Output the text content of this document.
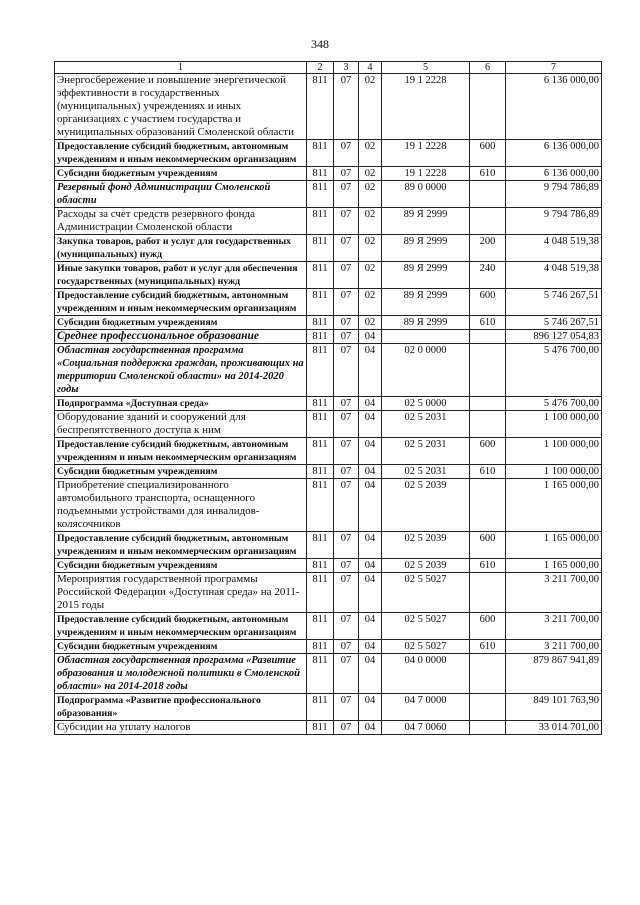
348
1	2	3	4	5	6	7
Энергосбережение и повышение энергетической эффективности в государственных (муниципальных) учреждениях и иных организациях с участием государства и муниципальных образований Смоленской области	811	07	02	19 1 2228		6 136 000,00
Предоставление субсидий бюджетным, автономным учреждениям и иным некоммерческим организациям	811	07	02	19 1 2228	600	6 136 000,00
Субсидии бюджетным учреждениям	811	07	02	19 1 2228	610	6 136 000,00
Резервный фонд Администрации Смоленской области	811	07	02	89 0 0000		9 794 786,89
Расходы за счет средств резервного фонда Администрации Смоленской области	811	07	02	89 Я 2999		9 794 786,89
Закупка товаров, работ и услуг для государственных (муниципальных) нужд	811	07	02	89 Я 2999	200	4 048 519,38
Иные закупки товаров, работ и услуг для обеспечения государственных (муниципальных) нужд	811	07	02	89 Я 2999	240	4 048 519,38
Предоставление субсидий бюджетным, автономным учреждениям и иным некоммерческим организациям	811	07	02	89 Я 2999	600	5 746 267,51
Субсидии бюджетным учреждениям	811	07	02	89 Я 2999	610	5 746 267,51
Среднее профессиональное образование	811	07	04			896 127 054,83
Областная государственная программа «Социальная поддержка граждан, проживающих на территории Смоленской области» на 2014-2020 годы	811	07	04	02 0 0000		5 476 700,00
Подпрограмма «Доступная среда»	811	07	04	02 5 0000		5 476 700,00
Оборудование зданий и сооружений для беспрепятственного доступа к ним	811	07	04	02 5 2031		1 100 000,00
Предоставление субсидий бюджетным, автономным учреждениям и иным некоммерческим организациям	811	07	04	02 5 2031	600	1 100 000,00
Субсидии бюджетным учреждениям	811	07	04	02 5 2031	610	1 100 000,00
Приобретение специализированного автомобильного транспорта, оснащенного подъемными устройствами для инвалидов-колясочников	811	07	04	02 5 2039		1 165 000,00
Предоставление субсидий бюджетным, автономным учреждениям и иным некоммерческим организациям	811	07	04	02 5 2039	600	1 165 000,00
Субсидии бюджетным учреждениям	811	07	04	02 5 2039	610	1 165 000,00
Мероприятия государственной программы Российской Федерации «Доступная среда» на 2011-2015 годы	811	07	04	02 5 5027		3 211 700,00
Предоставление субсидий бюджетным, автономным учреждениям и иным некоммерческим организациям	811	07	04	02 5 5027	600	3 211 700,00
Субсидии бюджетным учреждениям	811	07	04	02 5 5027	610	3 211 700,00
Областная государственная программа «Развитие образования и молодежной политики в Смоленской области» на 2014-2018 годы	811	07	04	04 0 0000		879 867 941,89
Подпрограмма «Развитие профессионального образования»	811	07	04	04 7 0000		849 101 763,90
Субсидии на уплату налогов	811	07	04	04 7 0060		33 014 701,00
